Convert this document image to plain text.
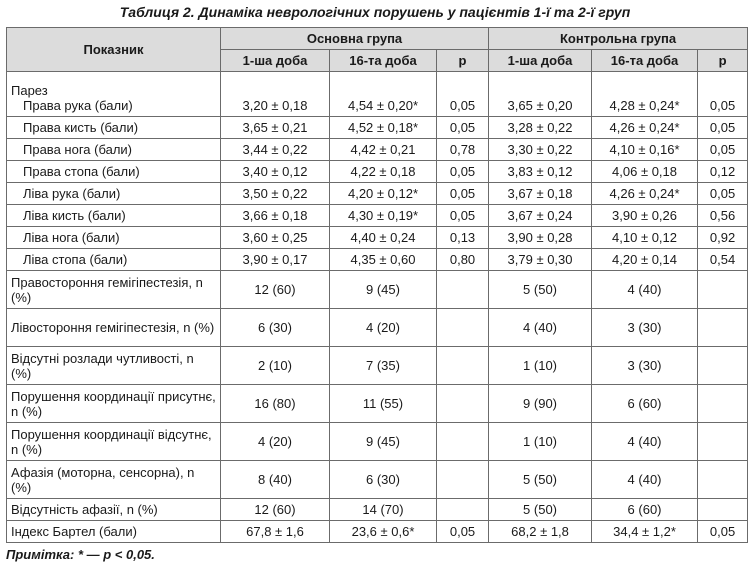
Таблиця 2. Динаміка неврологічних порушень у пацієнтів 1-ї та 2-ї груп
Показник	Основна група			Контрольна група		
	1-ша доба	16-та доба	p	1-ша доба	16-та доба	p

Парез
Права рука (бали)	3,20 ± 0,18	4,54 ± 0,20*	0,05	3,65 ± 0,20	4,28 ± 0,24*	0,05
Права кисть (бали)	3,65 ± 0,21	4,52 ± 0,18*	0,05	3,28 ± 0,22	4,26 ± 0,24*	0,05
Права нога (бали)	3,44 ± 0,22	4,42 ± 0,21	0,78	3,30 ± 0,22	4,10 ± 0,16*	0,05
Права стопа (бали)	3,40 ± 0,12	4,22 ± 0,18	0,05	3,83 ± 0,12	4,06 ± 0,18	0,12
Ліва рука (бали)	3,50 ± 0,22	4,20 ± 0,12*	0,05	3,67 ± 0,18	4,26 ± 0,24*	0,05
Ліва кисть (бали)	3,66 ± 0,18	4,30 ± 0,19*	0,05	3,67 ± 0,24	3,90 ± 0,26	0,56
Ліва нога (бали)	3,60 ± 0,25	4,40 ± 0,24	0,13	3,90 ± 0,28	4,10 ± 0,12	0,92
Ліва стопа (бали)	3,90 ± 0,17	4,35 ± 0,60	0,80	3,79 ± 0,30	4,20 ± 0,14	0,54
Правостороння гемігіпестезія, n (%)	12 (60)	9 (45)		5 (50)	4 (40)	
Лівостороння гемігіпестезія, n (%)	6 (30)	4 (20)		4 (40)	3 (30)	
Відсутні розлади чутливості, n (%)	2 (10)	7 (35)		1 (10)	3 (30)	
Порушення координації присутнє, n (%)	16 (80)	11 (55)		9 (90)	6 (60)	
Порушення координації відсутнє, n (%)	4 (20)	9 (45)		1 (10)	4 (40)	
Афазія (моторна, сенсорна), n (%)	8 (40)	6 (30)		5 (50)	4 (40)	
Відсутність афазії, n (%)	12 (60)	14 (70)		5 (50)	6 (60)	
Індекс Бартел (бали)	67,8 ± 1,6	23,6 ± 0,6*	0,05	68,2 ± 1,8	34,4 ± 1,2*	0,05
Примітка: * — p < 0,05.
